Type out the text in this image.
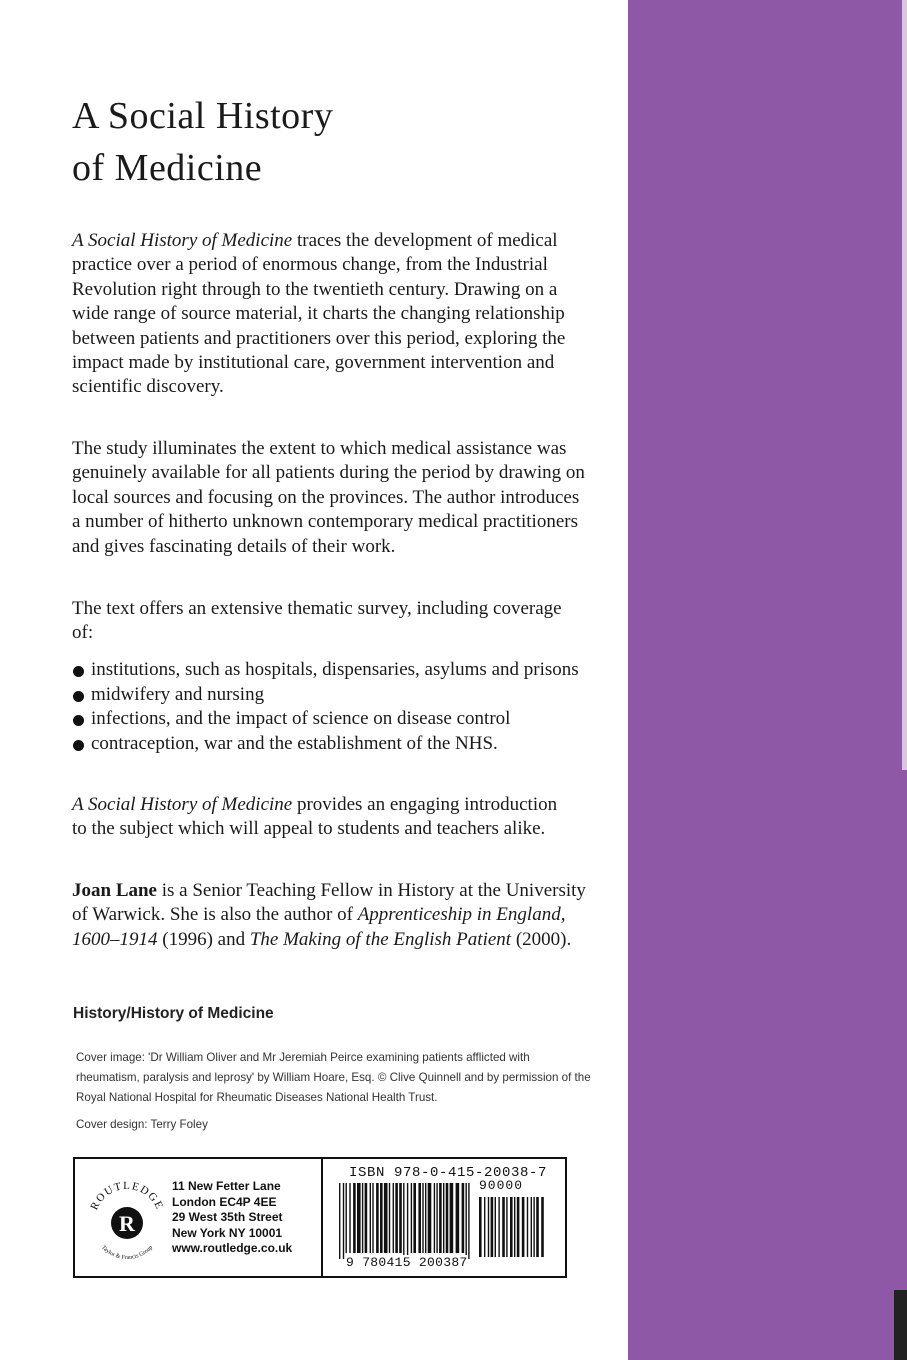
A Social History
of Medicine

A Social History of Medicine traces the development of medical practice over a period of enormous change, from the Industrial Revolution right through to the twentieth century. Drawing on a wide range of source material, it charts the changing relationship between patients and practitioners over this period, exploring the impact made by institutional care, government intervention and scientific discovery.

The study illuminates the extent to which medical assistance was genuinely available for all patients during the period by drawing on local sources and focusing on the provinces. The author introduces a number of hitherto unknown contemporary medical practitioners and gives fascinating details of their work.

The text offers an extensive thematic survey, including coverage of:

institutions, such as hospitals, dispensaries, asylums and prisons
midwifery and nursing
infections, and the impact of science on disease control
contraception, war and the establishment of the NHS.

A Social History of Medicine provides an engaging introduction to the subject which will appeal to students and teachers alike.

Joan Lane is a Senior Teaching Fellow in History at the University of Warwick. She is also the author of Apprenticeship in England, 1600–1914 (1996) and The Making of the English Patient (2000).

History/History of Medicine

Cover image: 'Dr William Oliver and Mr Jeremiah Peirce examining patients afflicted with rheumatism, paralysis and leprosy' by William Hoare, Esq. © Clive Quinnell and by permission of the Royal National Hospital for Rheumatic Diseases National Health Trust.

Cover design: Terry Foley

ROUTLEDGE
Taylor & Francis Group
R
11 New Fetter Lane
London EC4P 4EE
29 West 35th Street
New York NY 10001
www.routledge.co.uk

ISBN 978-0-415-20038-7

90000

9 780415 200387
